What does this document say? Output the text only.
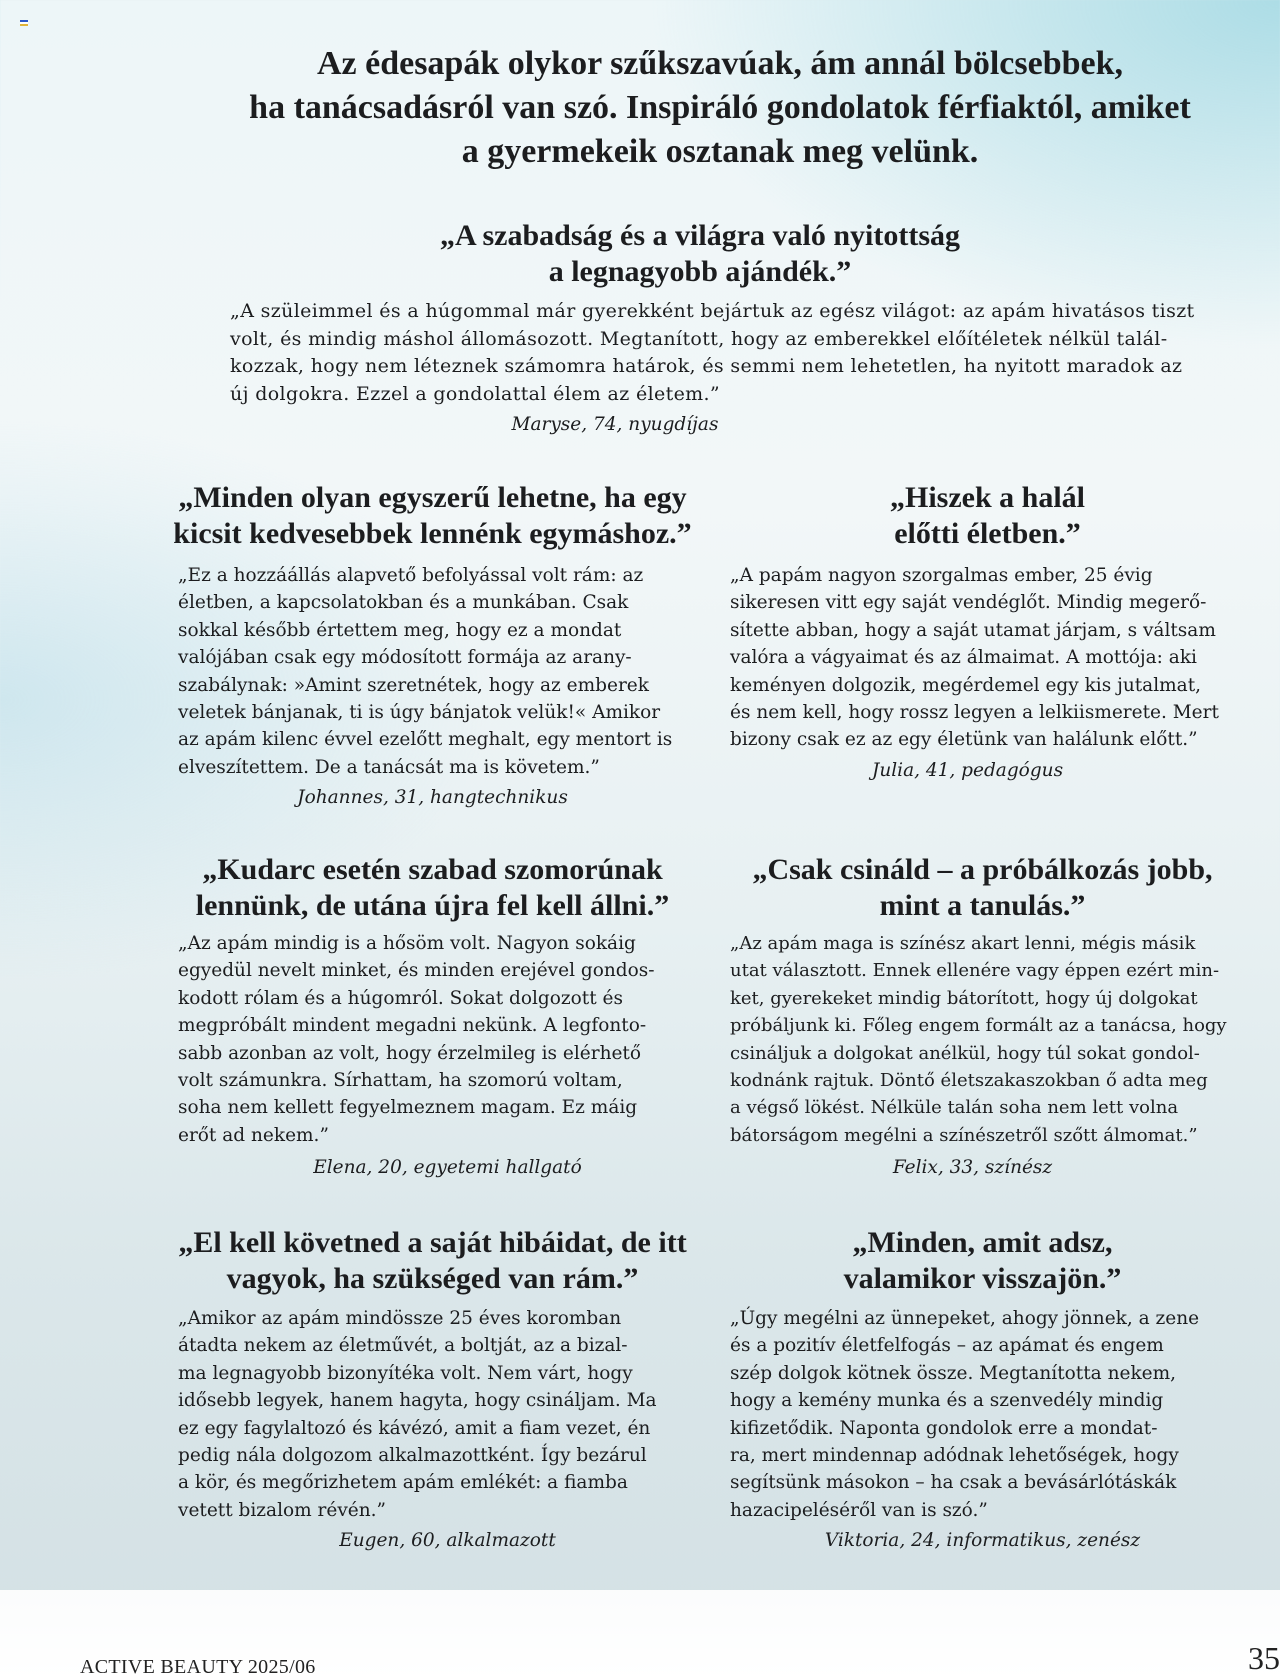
Az édesapák olykor szűkszavúak, ám annál bölcsebbek,
ha tanácsadásról van szó. Inspiráló gondolatok férfiaktól, amiket
a gyermekeik osztanak meg velünk.
„A szabadság és a világra való nyitottság
a legnagyobb ajándék.”

„A szüleimmel és a húgommal már gyerekként bejártuk az egész világot: az apám hivatásos tiszt
volt, és mindig máshol állomásozott. Megtanított, hogy az emberekkel előítéletek nélkül talál-
kozzak, hogy nem léteznek számomra határok, és semmi nem lehetetlen, ha nyitott maradok az
új dolgokra. Ezzel a gondolattal élem az életem.”

Maryse, 74, nyugdíjas

„Minden olyan egyszerű lehetne, ha egy
kicsit kedvesebbek lennénk egymáshoz.”

„Ez a hozzáállás alapvető befolyással volt rám: az
életben, a kapcsolatokban és a munkában. Csak
sokkal később értettem meg, hogy ez a mondat
valójában csak egy módosított formája az arany-
szabálynak: »Amint szeretnétek, hogy az emberek
veletek bánjanak, ti is úgy bánjatok velük!« Amikor
az apám kilenc évvel ezelőtt meghalt, egy mentort is
elveszítettem. De a tanácsát ma is követem.”

Johannes, 31, hangtechnikus

„Hiszek a halál
előtti életben.”

„A papám nagyon szorgalmas ember, 25 évig
sikeresen vitt egy saját vendéglőt. Mindig megerő-
sítette abban, hogy a saját utamat járjam, s váltsam
valóra a vágyaimat és az álmaimat. A mottója: aki
keményen dolgozik, megérdemel egy kis jutalmat,
és nem kell, hogy rossz legyen a lelkiismerete. Mert
bizony csak ez az egy életünk van halálunk előtt.”

Julia, 41, pedagógus

„Kudarc esetén szabad szomorúnak
lennünk, de utána újra fel kell állni.”

„Az apám mindig is a hősöm volt. Nagyon sokáig
egyedül nevelt minket, és minden erejével gondos-
kodott rólam és a húgomról. Sokat dolgozott és
megpróbált mindent megadni nekünk. A legfonto-
sabb azonban az volt, hogy érzelmileg is elérhető
volt számunkra. Sírhattam, ha szomorú voltam,
soha nem kellett fegyelmeznem magam. Ez máig
erőt ad nekem.”

Elena, 20, egyetemi hallgató

„Csak csináld – a próbálkozás jobb,
mint a tanulás.”

„Az apám maga is színész akart lenni, mégis másik
utat választott. Ennek ellenére vagy éppen ezért min-
ket, gyerekeket mindig bátorított, hogy új dolgokat
próbáljunk ki. Főleg engem formált az a tanácsa, hogy
csináljuk a dolgokat anélkül, hogy túl sokat gondol-
kodnánk rajtuk. Döntő életszakaszokban ő adta meg
a végső lökést. Nélküle talán soha nem lett volna
bátorságom megélni a színészetről szőtt álmomat.”

Felix, 33, színész

„El kell követned a saját hibáidat, de itt
vagyok, ha szükséged van rám.”

„Amikor az apám mindössze 25 éves koromban
átadta nekem az életművét, a boltját, az a bizal-
ma legnagyobb bizonyítéka volt. Nem várt, hogy
idősebb legyek, hanem hagyta, hogy csináljam. Ma
ez egy fagylaltozó és kávézó, amit a fiam vezet, én
pedig nála dolgozom alkalmazottként. Így bezárul
a kör, és megőrizhetem apám emlékét: a fiamba
vetett bizalom révén.”

Eugen, 60, alkalmazott

„Minden, amit adsz,
valamikor visszajön.”

„Úgy megélni az ünnepeket, ahogy jönnek, a zene
és a pozitív életfelfogás – az apámat és engem
szép dolgok kötnek össze. Megtanította nekem,
hogy a kemény munka és a szenvedély mindig
kifizetődik. Naponta gondolok erre a mondat-
ra, mert mindennap adódnak lehetőségek, hogy
segítsünk másokon – ha csak a bevásárlótáskák
hazacipeléséről van is szó.”

Viktoria, 24, informatikus, zenész

ACTIVE BEAUTY 2025/06	35
